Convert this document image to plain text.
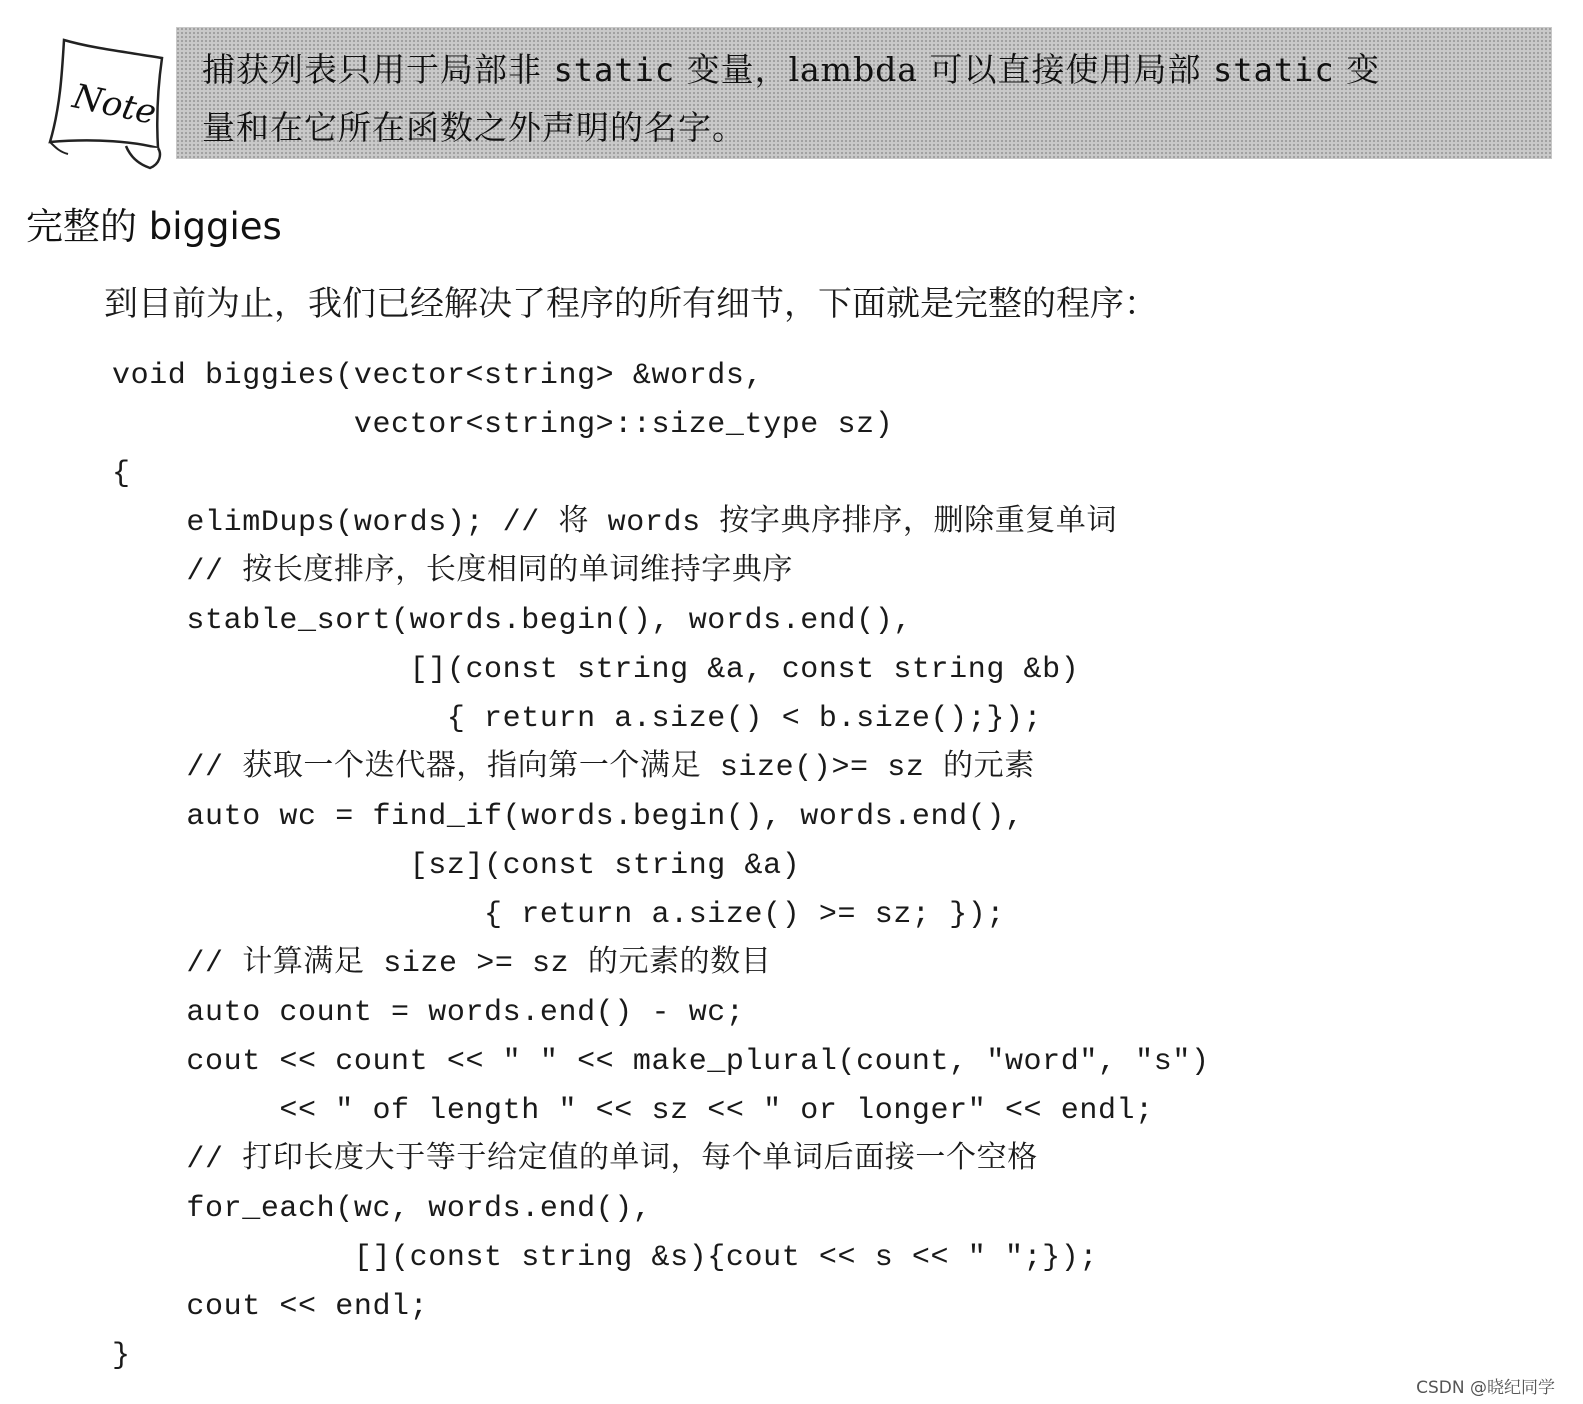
Note
捕获列表只用于局部非 static 变量，lambda 可以直接使用局部 static 变
量和在它所在函数之外声明的名字。
完整的 biggies
到目前为止，我们已经解决了程序的所有细节，下面就是完整的程序：
void biggies(vector<string> &words,
vector<string>::size_type sz)
{
elimDups(words); // 将 words 按字典序排序，删除重复单词
// 按长度排序，长度相同的单词维持字典序
stable_sort(words.begin(), words.end(),
[](const string &a, const string &b)
{ return a.size() < b.size();});
// 获取一个迭代器，指向第一个满足 size()>= sz 的元素
auto wc = find_if(words.begin(), words.end(),
[sz](const string &a)
{ return a.size() >= sz; });
// 计算满足 size >= sz 的元素的数目
auto count = words.end() - wc;
cout << count << " " << make_plural(count, "word", "s")
<< " of length " << sz << " or longer" << endl;
// 打印长度大于等于给定值的单词，每个单词后面接一个空格
for_each(wc, words.end(),
[](const string &s){cout << s << " ";});
cout << endl;
}
CSDN @晓纪同学
